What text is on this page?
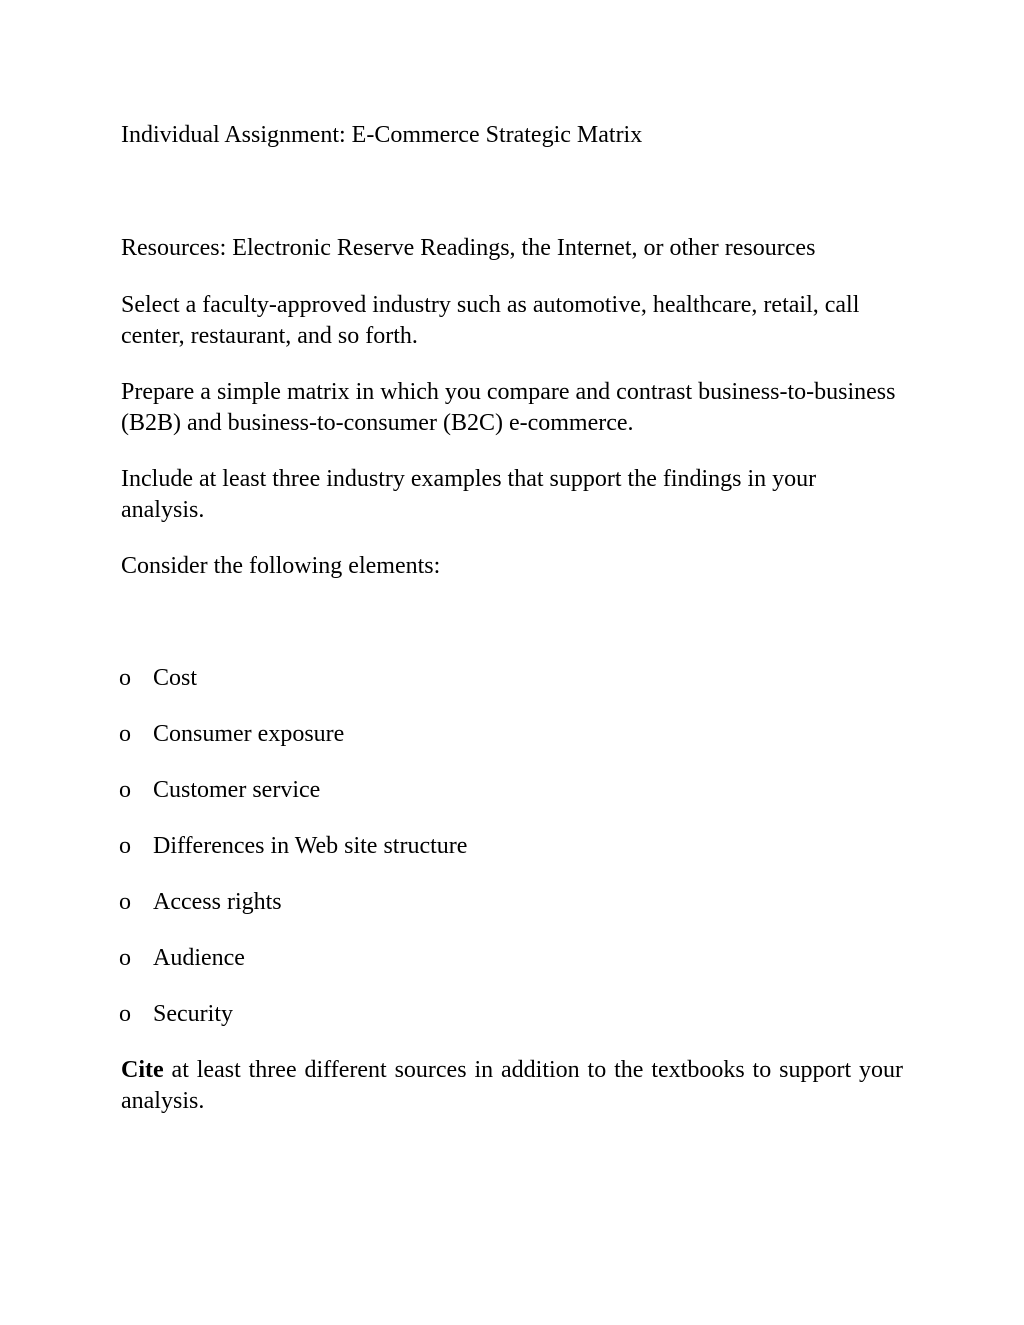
Individual Assignment: E-Commerce Strategic Matrix

Resources: Electronic Reserve Readings, the Internet, or other resources

Select a faculty-approved industry such as automotive, healthcare, retail, call center, restaurant, and so forth.

Prepare a simple matrix in which you compare and contrast business-to-business (B2B) and business-to-consumer (B2C) e-commerce.

Include at least three industry examples that support the findings in your analysis.

Consider the following elements:

o Cost
o Consumer exposure
o Customer service
o Differences in Web site structure
o Access rights
o Audience
o Security

Cite at least three different sources in addition to the textbooks to support your analysis.
